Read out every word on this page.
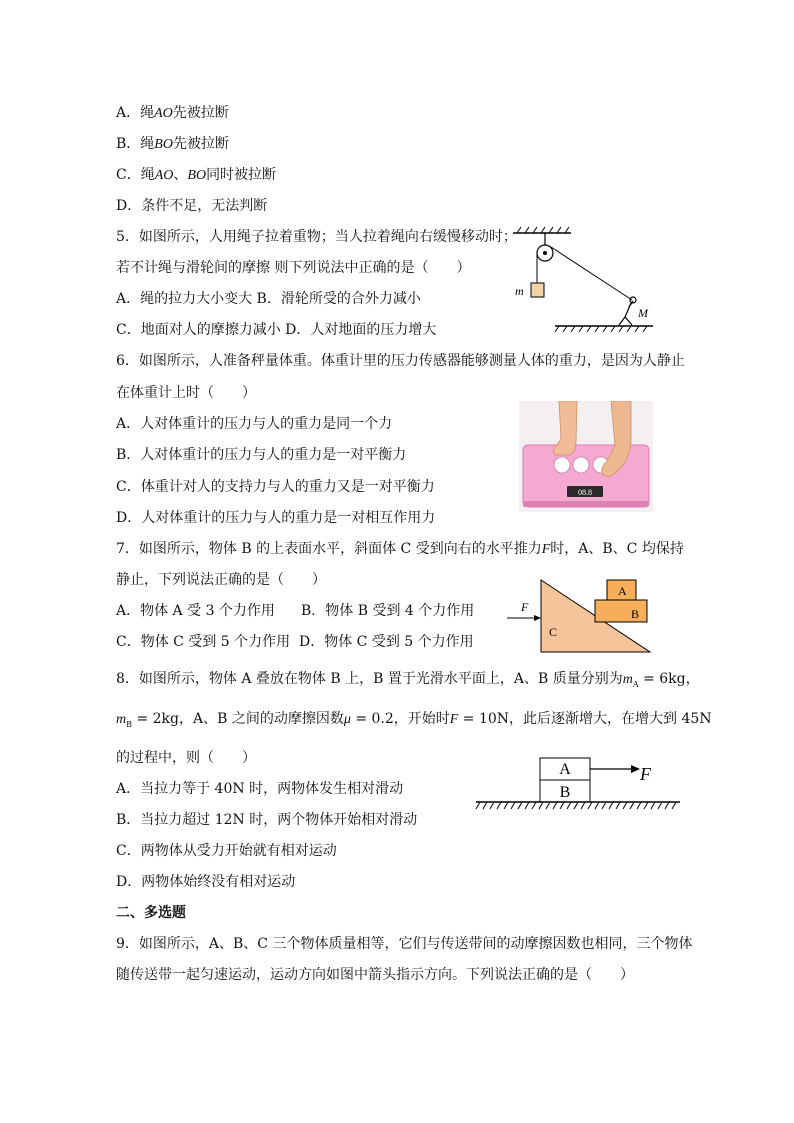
A．绳AO先被拉断
B．绳BO先被拉断
C．绳AO、BO同时被拉断
D．条件不足，无法判断
5．如图所示，人用绳子拉着重物；当人拉着绳向右缓慢移动时；
若不计绳与滑轮间的摩擦 则下列说法中正确的是（　　）
A．绳的拉力大小变大 B．滑轮所受的合外力减小
C．地面对人的摩擦力减小 D．人对地面的压力增大
m
M
6．如图所示，人准备秤量体重。体重计里的压力传感器能够测量人体的重力，是因为人静止
在体重计上时（　　）
A．人对体重计的压力与人的重力是同一个力
B．人对体重计的压力与人的重力是一对平衡力
C．体重计对人的支持力与人的重力又是一对平衡力
D．人对体重计的压力与人的重力是一对相互作用力
08.8
7．如图所示，物体 B 的上表面水平，斜面体 C 受到向右的水平推力F时，A、B、C 均保持
静止，下列说法正确的是（　　）
A．物体 A 受 3 个力作用 B．物体 B 受到 4 个力作用
C．物体 C 受到 5 个力作用 D．物体 C 受到 5 个力作用
A
B
C
F
8．如图所示，物体 A 叠放在物体 B 上，B 置于光滑水平面上，A、B 质量分别为$m_A = 6kg$，
$m_B = 2kg$，A、B 之间的动摩擦因数μ = 0.2，开始时F = 10N，此后逐渐增大，在增大到 45N
的过程中，则（　　）
A．当拉力等于 40N 时，两物体发生相对滑动
B．当拉力超过 12N 时，两个物体开始相对滑动
C．两物体从受力开始就有相对运动
D．两物体始终没有相对运动
A
B
F
二、多选题
9．如图所示，A、B、C 三个物体质量相等，它们与传送带间的动摩擦因数也相同，三个物体
随传送带一起匀速运动，运动方向如图中箭头指示方向。下列说法正确的是（　　）
